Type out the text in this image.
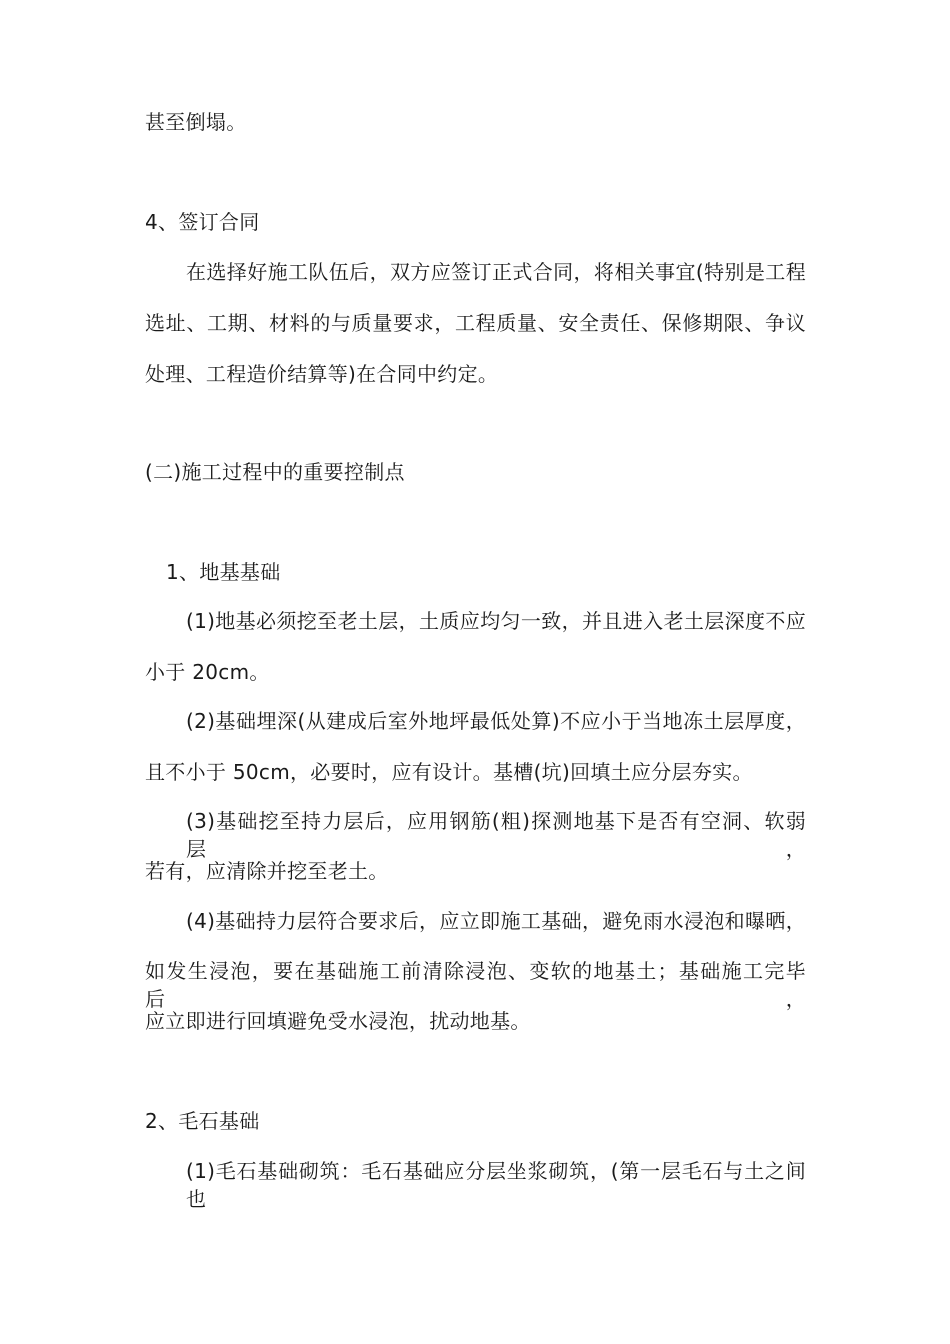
甚至倒塌。
4、签订合同
在选择好施工队伍后，双方应签订正式合同，将相关事宜(特别是工程
选址、工期、材料的与质量要求，工程质量、安全责任、保修期限、争议
处理、工程造价结算等)在合同中约定。
(二)施工过程中的重要控制点
1、地基基础
(1)地基必须挖至老土层，土质应均匀一致，并且进入老土层深度不应
小于 20cm。
(2)基础埋深(从建成后室外地坪最低处算)不应小于当地冻土层厚度，
且不小于 50cm，必要时，应有设计。基槽(坑)回填土应分层夯实。
(3)基础挖至持力层后，应用钢筋(粗)探测地基下是否有空洞、软弱层，
若有，应清除并挖至老土。
(4)基础持力层符合要求后，应立即施工基础，避免雨水浸泡和曝晒，
如发生浸泡，要在基础施工前清除浸泡、变软的地基土；基础施工完毕后，
应立即进行回填避免受水浸泡，扰动地基。
2、毛石基础
(1)毛石基础砌筑：毛石基础应分层坐浆砌筑，(第一层毛石与土之间也
